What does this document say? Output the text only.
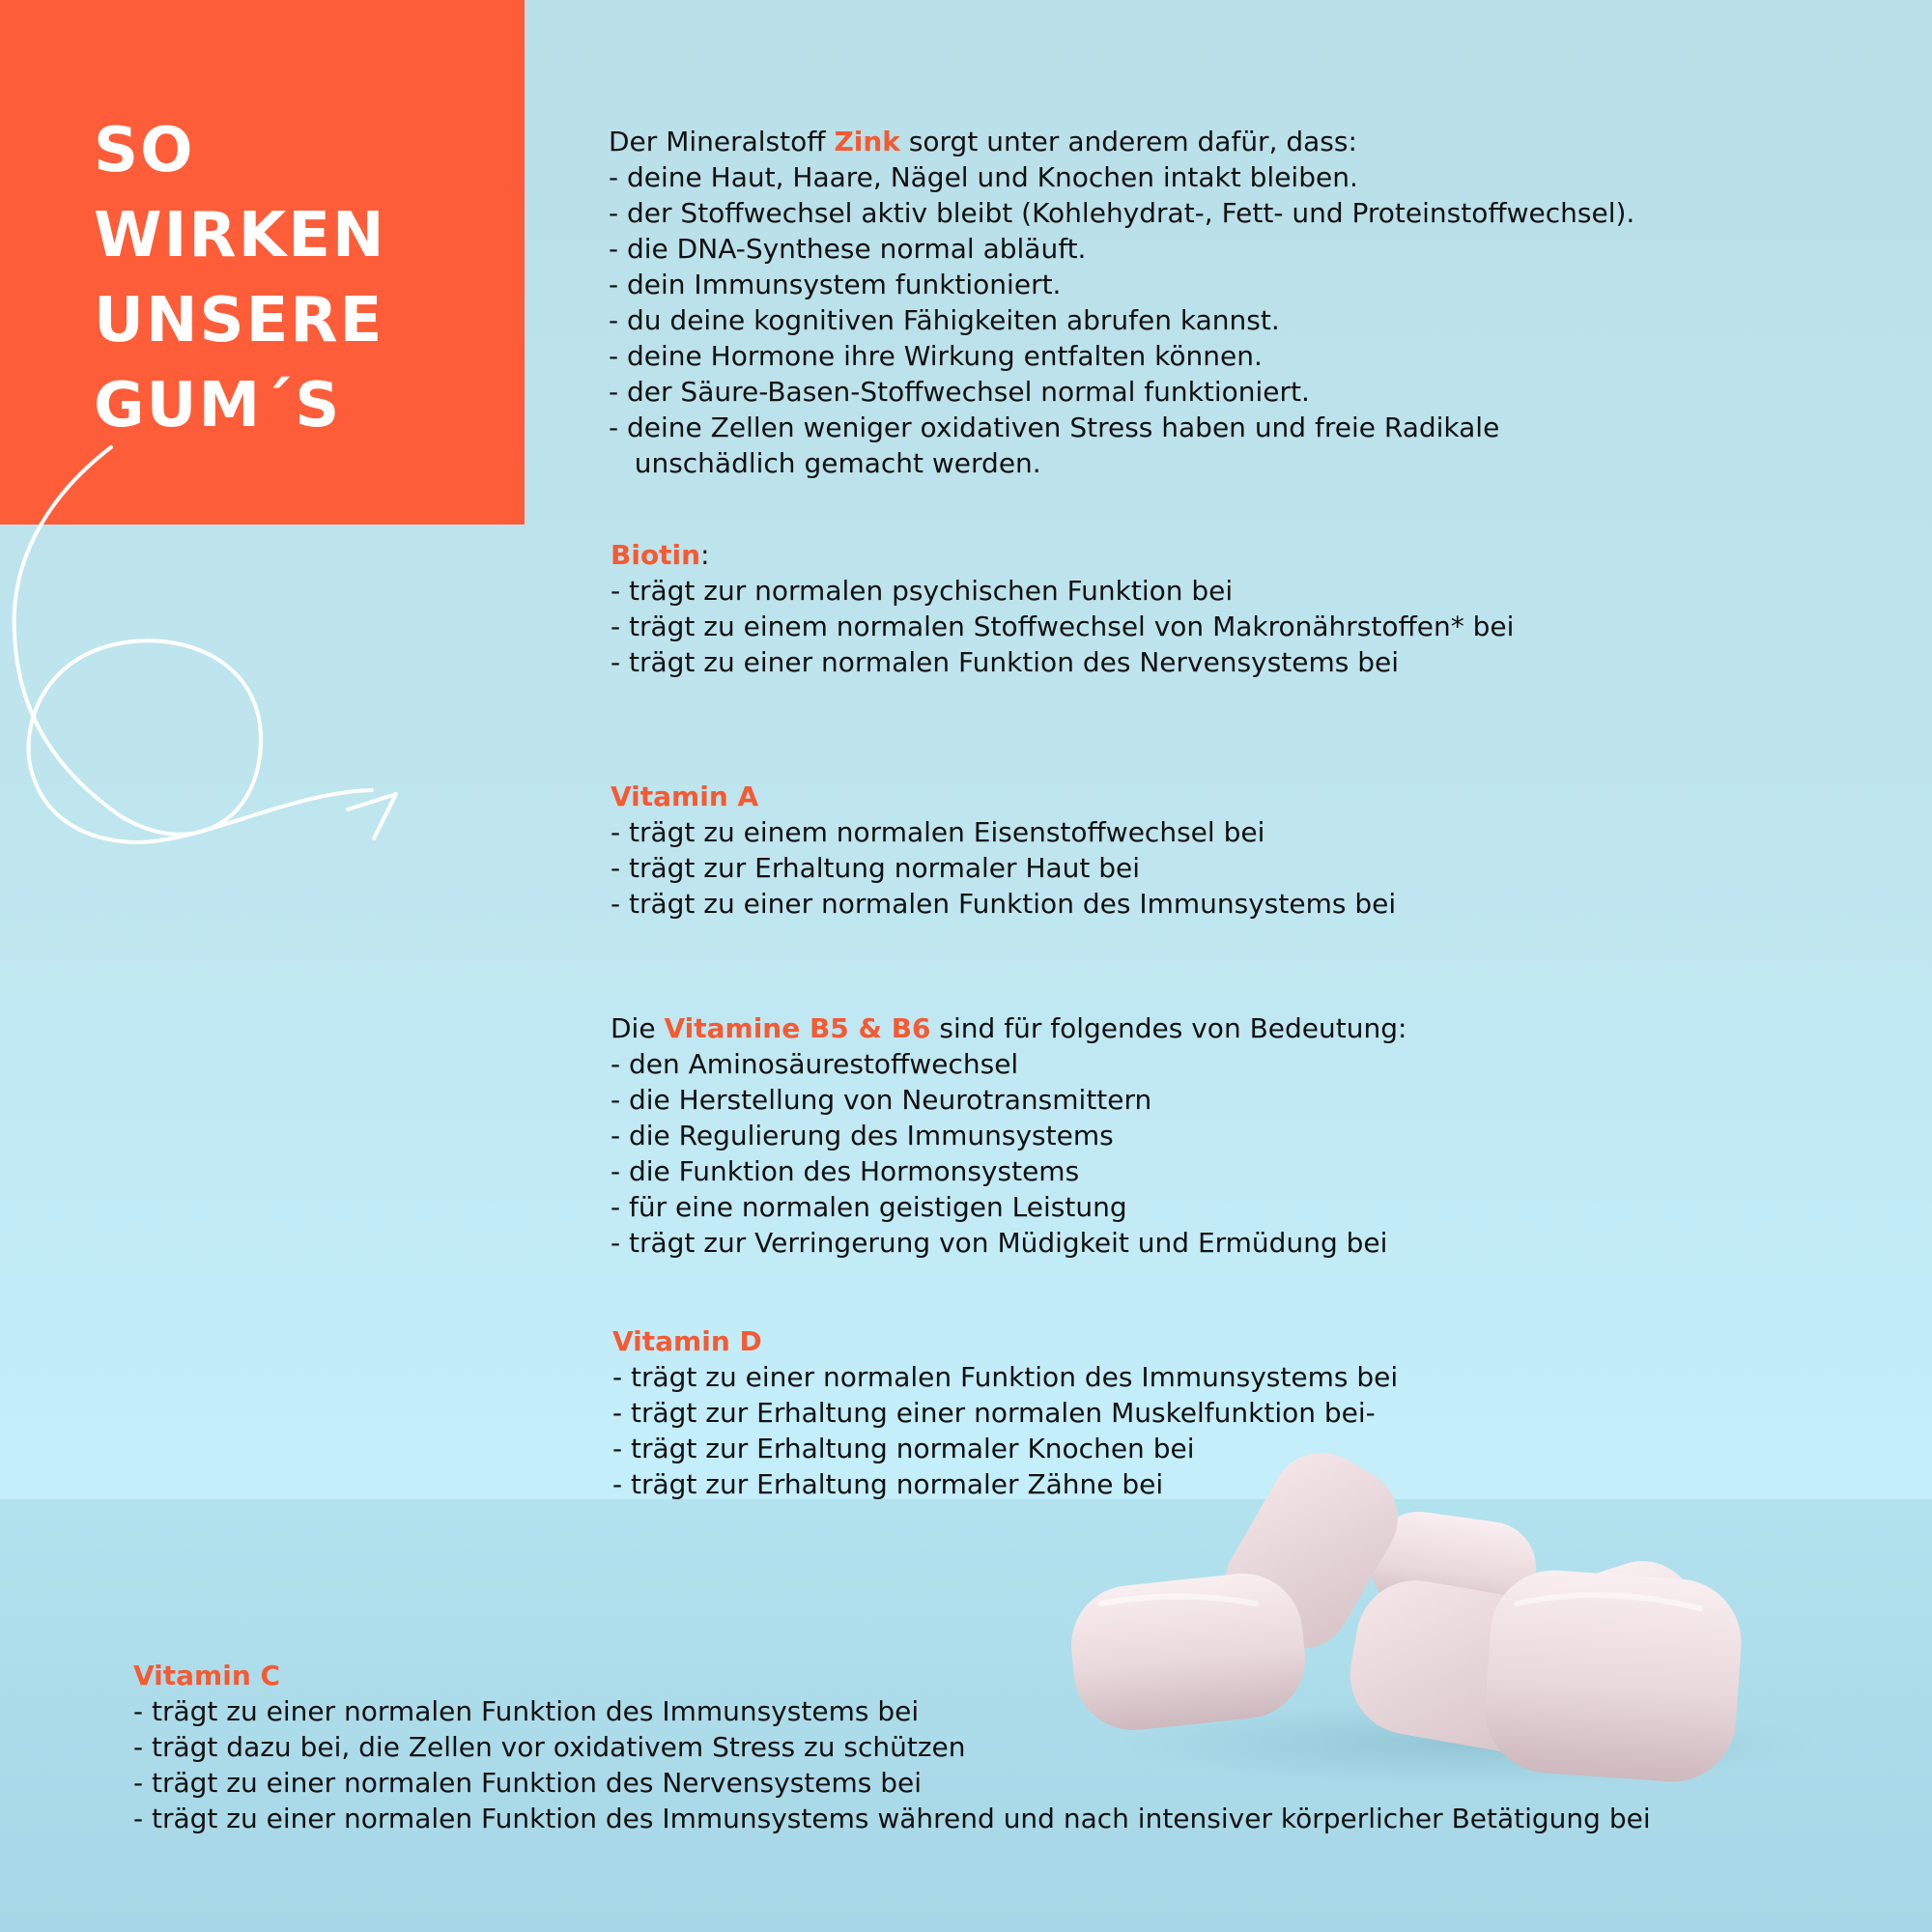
SO
WIRKEN
UNSERE
GUM´S
Der Mineralstoff Zink sorgt unter anderem dafür, dass:
- deine Haut, Haare, Nägel und Knochen intakt bleiben.
- der Stoffwechsel aktiv bleibt (Kohlehydrat-, Fett- und Proteinstoffwechsel).
- die DNA-Synthese normal abläuft.
- dein Immunsystem funktioniert.
- du deine kognitiven Fähigkeiten abrufen kannst.
- deine Hormone ihre Wirkung entfalten können.
- der Säure-Basen-Stoffwechsel normal funktioniert.
- deine Zellen weniger oxidativen Stress haben und freie Radikale
unschädlich gemacht werden.
Biotin:
- trägt zur normalen psychischen Funktion bei
- trägt zu einem normalen Stoffwechsel von Makronährstoffen* bei
- trägt zu einer normalen Funktion des Nervensystems bei
Vitamin A
- trägt zu einem normalen Eisenstoffwechsel bei
- trägt zur Erhaltung normaler Haut bei
- trägt zu einer normalen Funktion des Immunsystems bei
Die Vitamine B5 & B6 sind für folgendes von Bedeutung:
- den Aminosäurestoffwechsel
- die Herstellung von Neurotransmittern
- die Regulierung des Immunsystems
- die Funktion des Hormonsystems
- für eine normalen geistigen Leistung
- trägt zur Verringerung von Müdigkeit und Ermüdung bei
Vitamin D
- trägt zu einer normalen Funktion des Immunsystems bei
- trägt zur Erhaltung einer normalen Muskelfunktion bei-
- trägt zur Erhaltung normaler Knochen bei
- trägt zur Erhaltung normaler Zähne bei
Vitamin C
- trägt zu einer normalen Funktion des Immunsystems bei
- trägt dazu bei, die Zellen vor oxidativem Stress zu schützen
- trägt zu einer normalen Funktion des Nervensystems bei
- trägt zu einer normalen Funktion des Immunsystems während und nach intensiver körperlicher Betätigung bei
